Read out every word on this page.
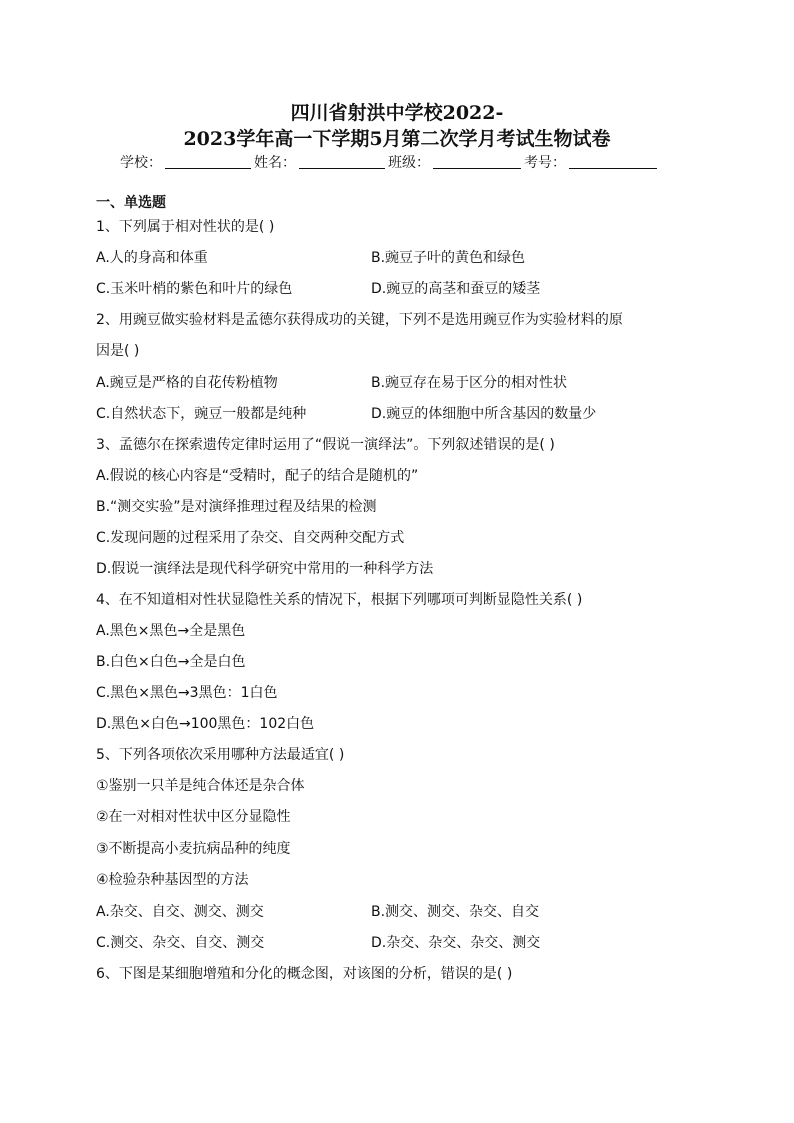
四川省射洪中学校2022-
2023学年高一下学期5月第二次学月考试生物试卷
学校：	姓名：	班级：	考号：
一、单选题
1、下列属于相对性状的是( )
A.人的身高和体重	B.豌豆子叶的黄色和绿色
C.玉米叶梢的紫色和叶片的绿色	D.豌豆的高茎和蚕豆的矮茎
2、用豌豆做实验材料是孟德尔获得成功的关键，下列不是选用豌豆作为实验材料的原
因是( )
A.豌豆是严格的自花传粉植物	B.豌豆存在易于区分的相对性状
C.自然状态下，豌豆一般都是纯种	D.豌豆的体细胞中所含基因的数量少
3、孟德尔在探索遗传定律时运用了“假说一演绎法”。下列叙述错误的是( )
A.假说的核心内容是“受精时，配子的结合是随机的”
B.“测交实验”是对演绎推理过程及结果的检测
C.发现问题的过程采用了杂交、自交两种交配方式
D.假说一演绎法是现代科学研究中常用的一种科学方法
4、在不知道相对性状显隐性关系的情况下，根据下列哪项可判断显隐性关系( )
A.黑色×黑色→全是黑色
B.白色×白色→全是白色
C.黑色×黑色→3黑色：1白色
D.黑色×白色→100黑色：102白色
5、下列各项依次采用哪种方法最适宜( )
①鉴别一只羊是纯合体还是杂合体
②在一对相对性状中区分显隐性
③不断提高小麦抗病品种的纯度
④检验杂种基因型的方法
A.杂交、自交、测交、测交	B.测交、测交、杂交、自交
C.测交、杂交、自交、测交	D.杂交、杂交、杂交、测交
6、下图是某细胞增殖和分化的概念图，对该图的分析，错误的是( )
